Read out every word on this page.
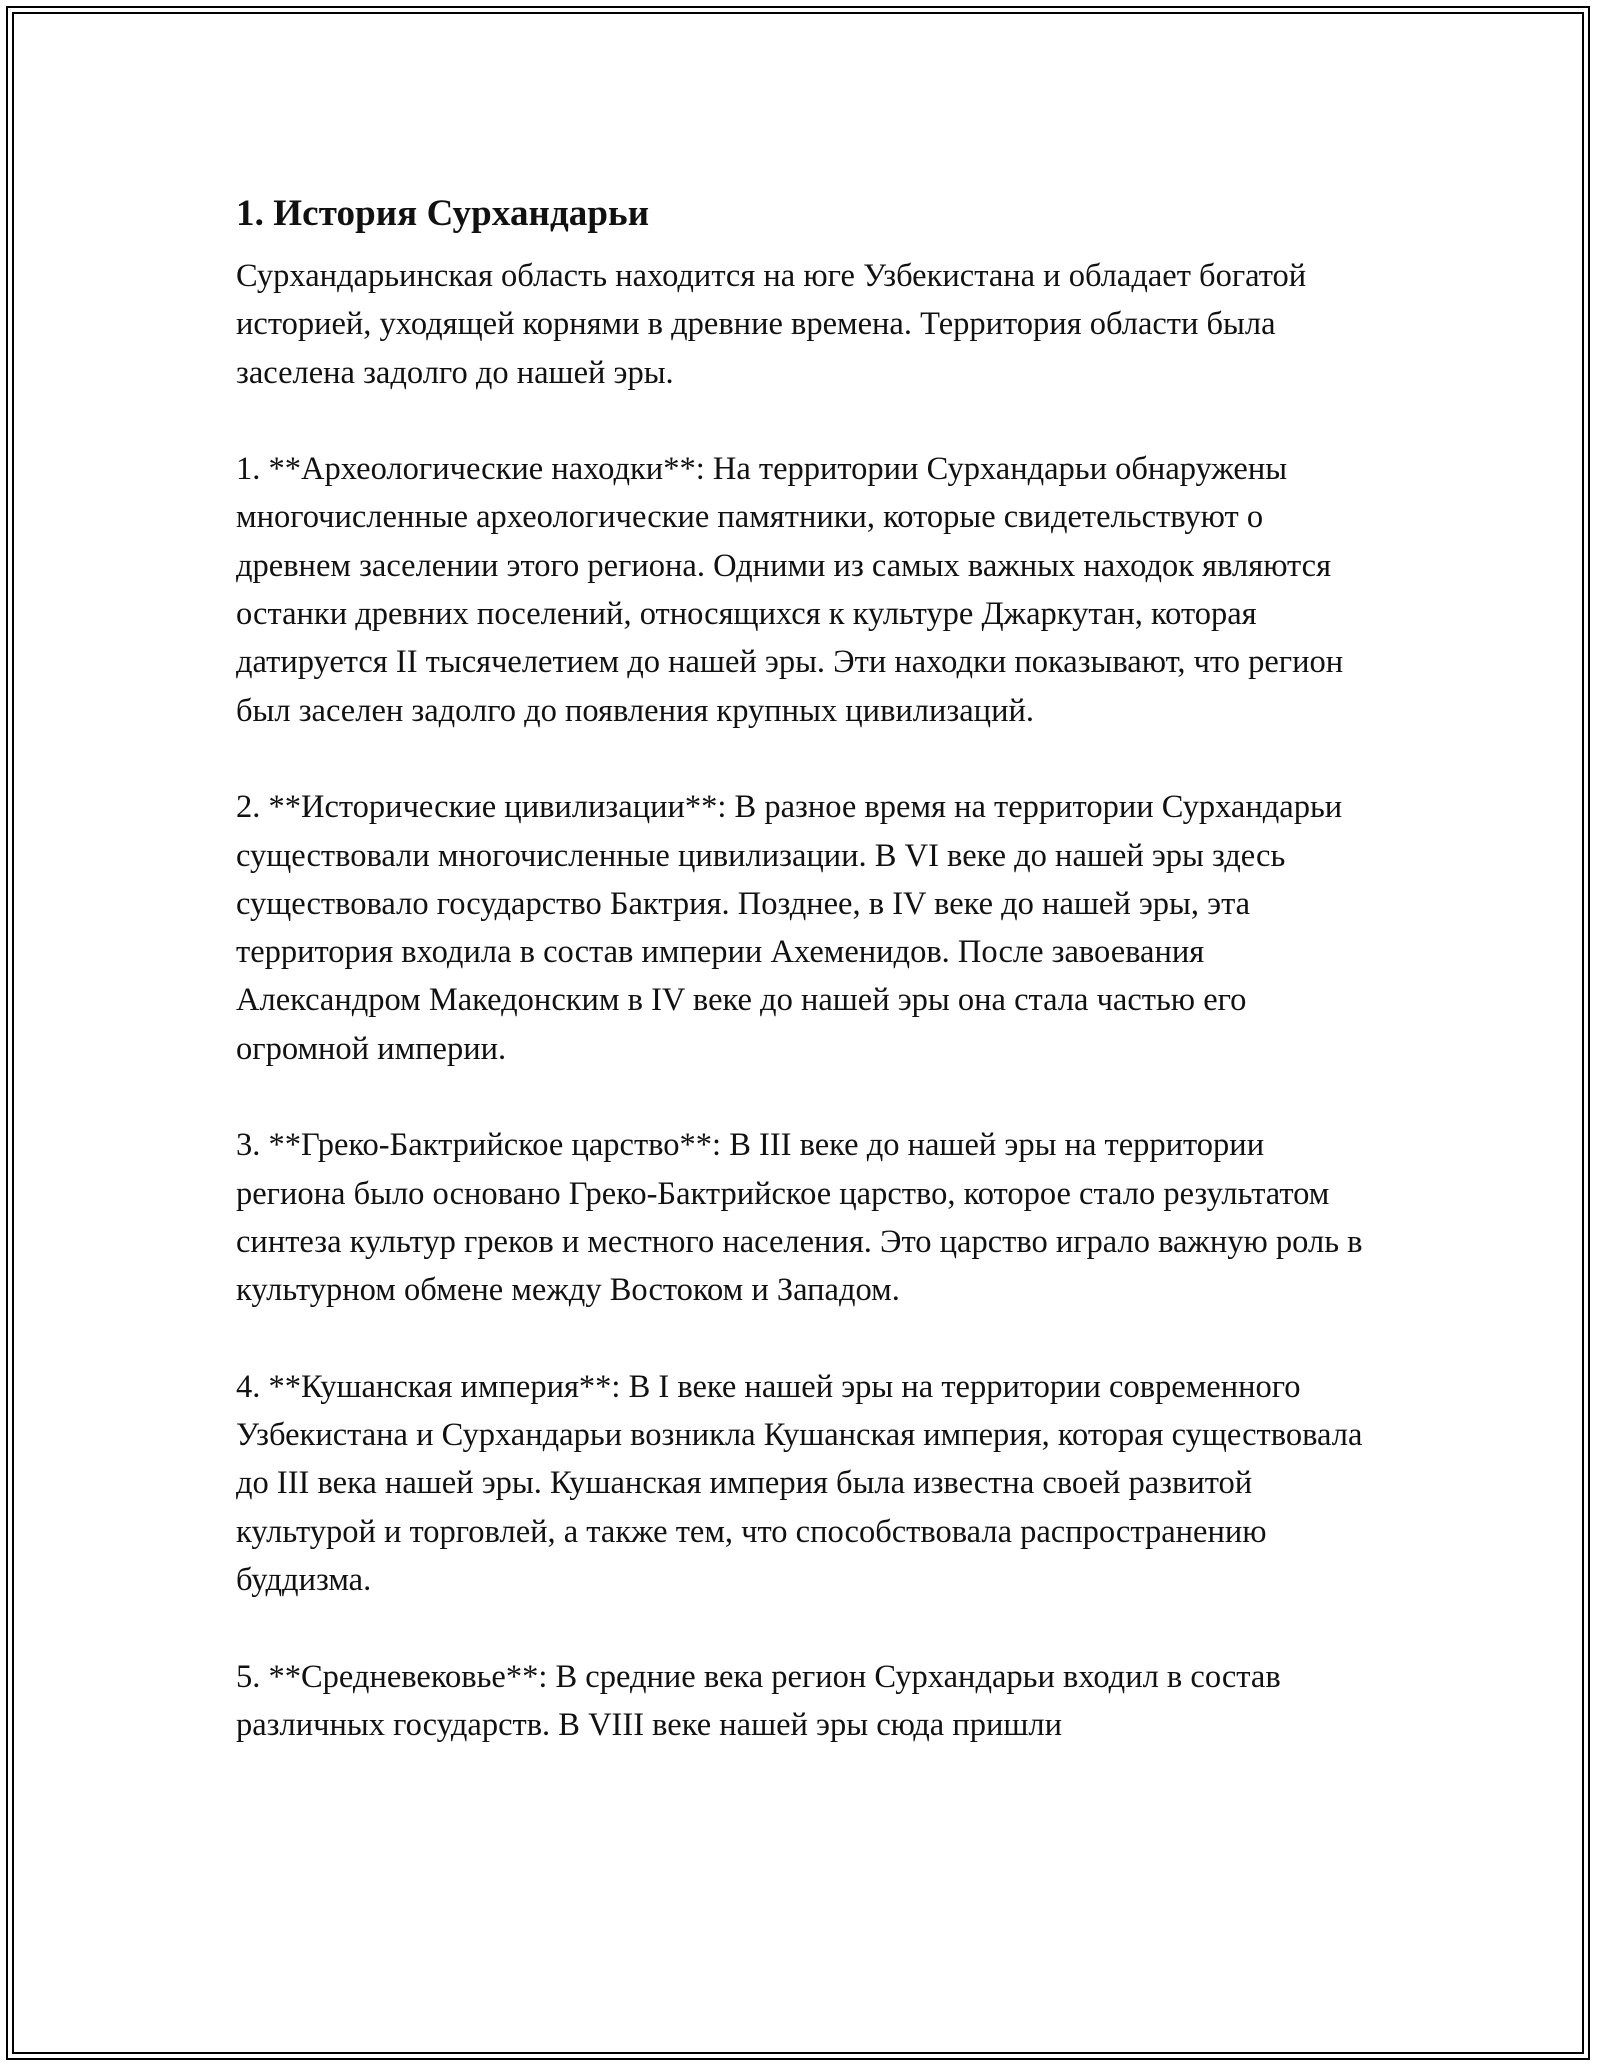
1. История Сурхандарьи

Сурхандарьинская область находится на юге Узбекистана и обладает богатой историей, уходящей корнями в древние времена. Территория области была заселена задолго до нашей эры.

1. **Археологические находки**: На территории Сурхандарьи обнаружены многочисленные археологические памятники, которые свидетельствуют о древнем заселении этого региона. Одними из самых важных находок являются останки древних поселений, относящихся к культуре Джаркутан, которая датируется II тысячелетием до нашей эры. Эти находки показывают, что регион был заселен задолго до появления крупных цивилизаций.

2. **Исторические цивилизации**: В разное время на территории Сурхандарьи существовали многочисленные цивилизации. В VI веке до нашей эры здесь существовало государство Бактрия. Позднее, в IV веке до нашей эры, эта территория входила в состав империи Ахеменидов. После завоевания Александром Македонским в IV веке до нашей эры она стала частью его огромной империи.

3. **Греко-Бактрийское царство**: В III веке до нашей эры на территории региона было основано Греко-Бактрийское царство, которое стало результатом синтеза культур греков и местного населения. Это царство играло важную роль в культурном обмене между Востоком и Западом.

4. **Кушанская империя**: В I веке нашей эры на территории современного Узбекистана и Сурхандарьи возникла Кушанская империя, которая существовала до III века нашей эры. Кушанская империя была известна своей развитой культурой и торговлей, а также тем, что способствовала распространению буддизма.

5. **Средневековье**: В средние века регион Сурхандарьи входил в состав различных государств. В VIII веке нашей эры сюда пришли
